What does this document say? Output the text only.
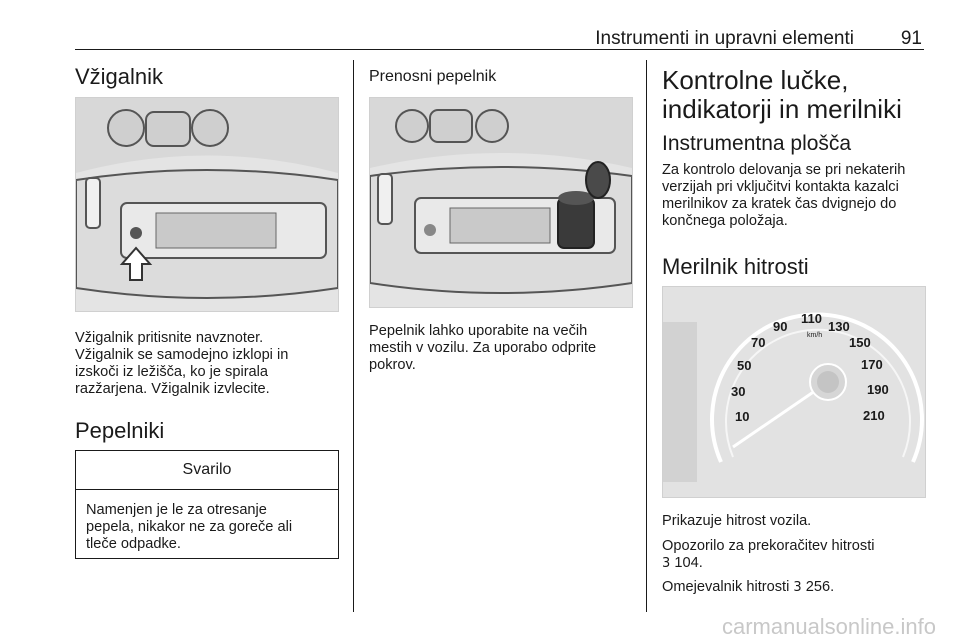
Instrumenti in upravni elementi 91
Vžigalnik
Vžigalnik pritisnite navznoter.
Vžigalnik se samodejno izklopi in
izskoči iz ležišča, ko je spirala
razžarjena. Vžigalnik izvlecite.
Pepelniki
Svarilo
Namenjen je le za otresanje
pepela, nikakor ne za goreče ali
tleče odpadke.
Prenosni pepelnik
Pepelnik lahko uporabite na večih
mestih v vozilu. Za uporabo odprite
pokrov.
Kontrolne lučke,
indikatorji in merilniki
Instrumentna plošča
Za kontrolo delovanja se pri nekaterih
verzijah pri vključitvi kontakta kazalci
merilnikov za kratek čas dvignejo do
končnega položaja.
Merilnik hitrosti
10
30
50
70
90
110
130
150
170
190
210
km/h
Prikazuje hitrost vozila.
Opozorilo za prekoračitev hitrosti
3 104.
Omejevalnik hitrosti 3 256.
carmanualsonline.info
